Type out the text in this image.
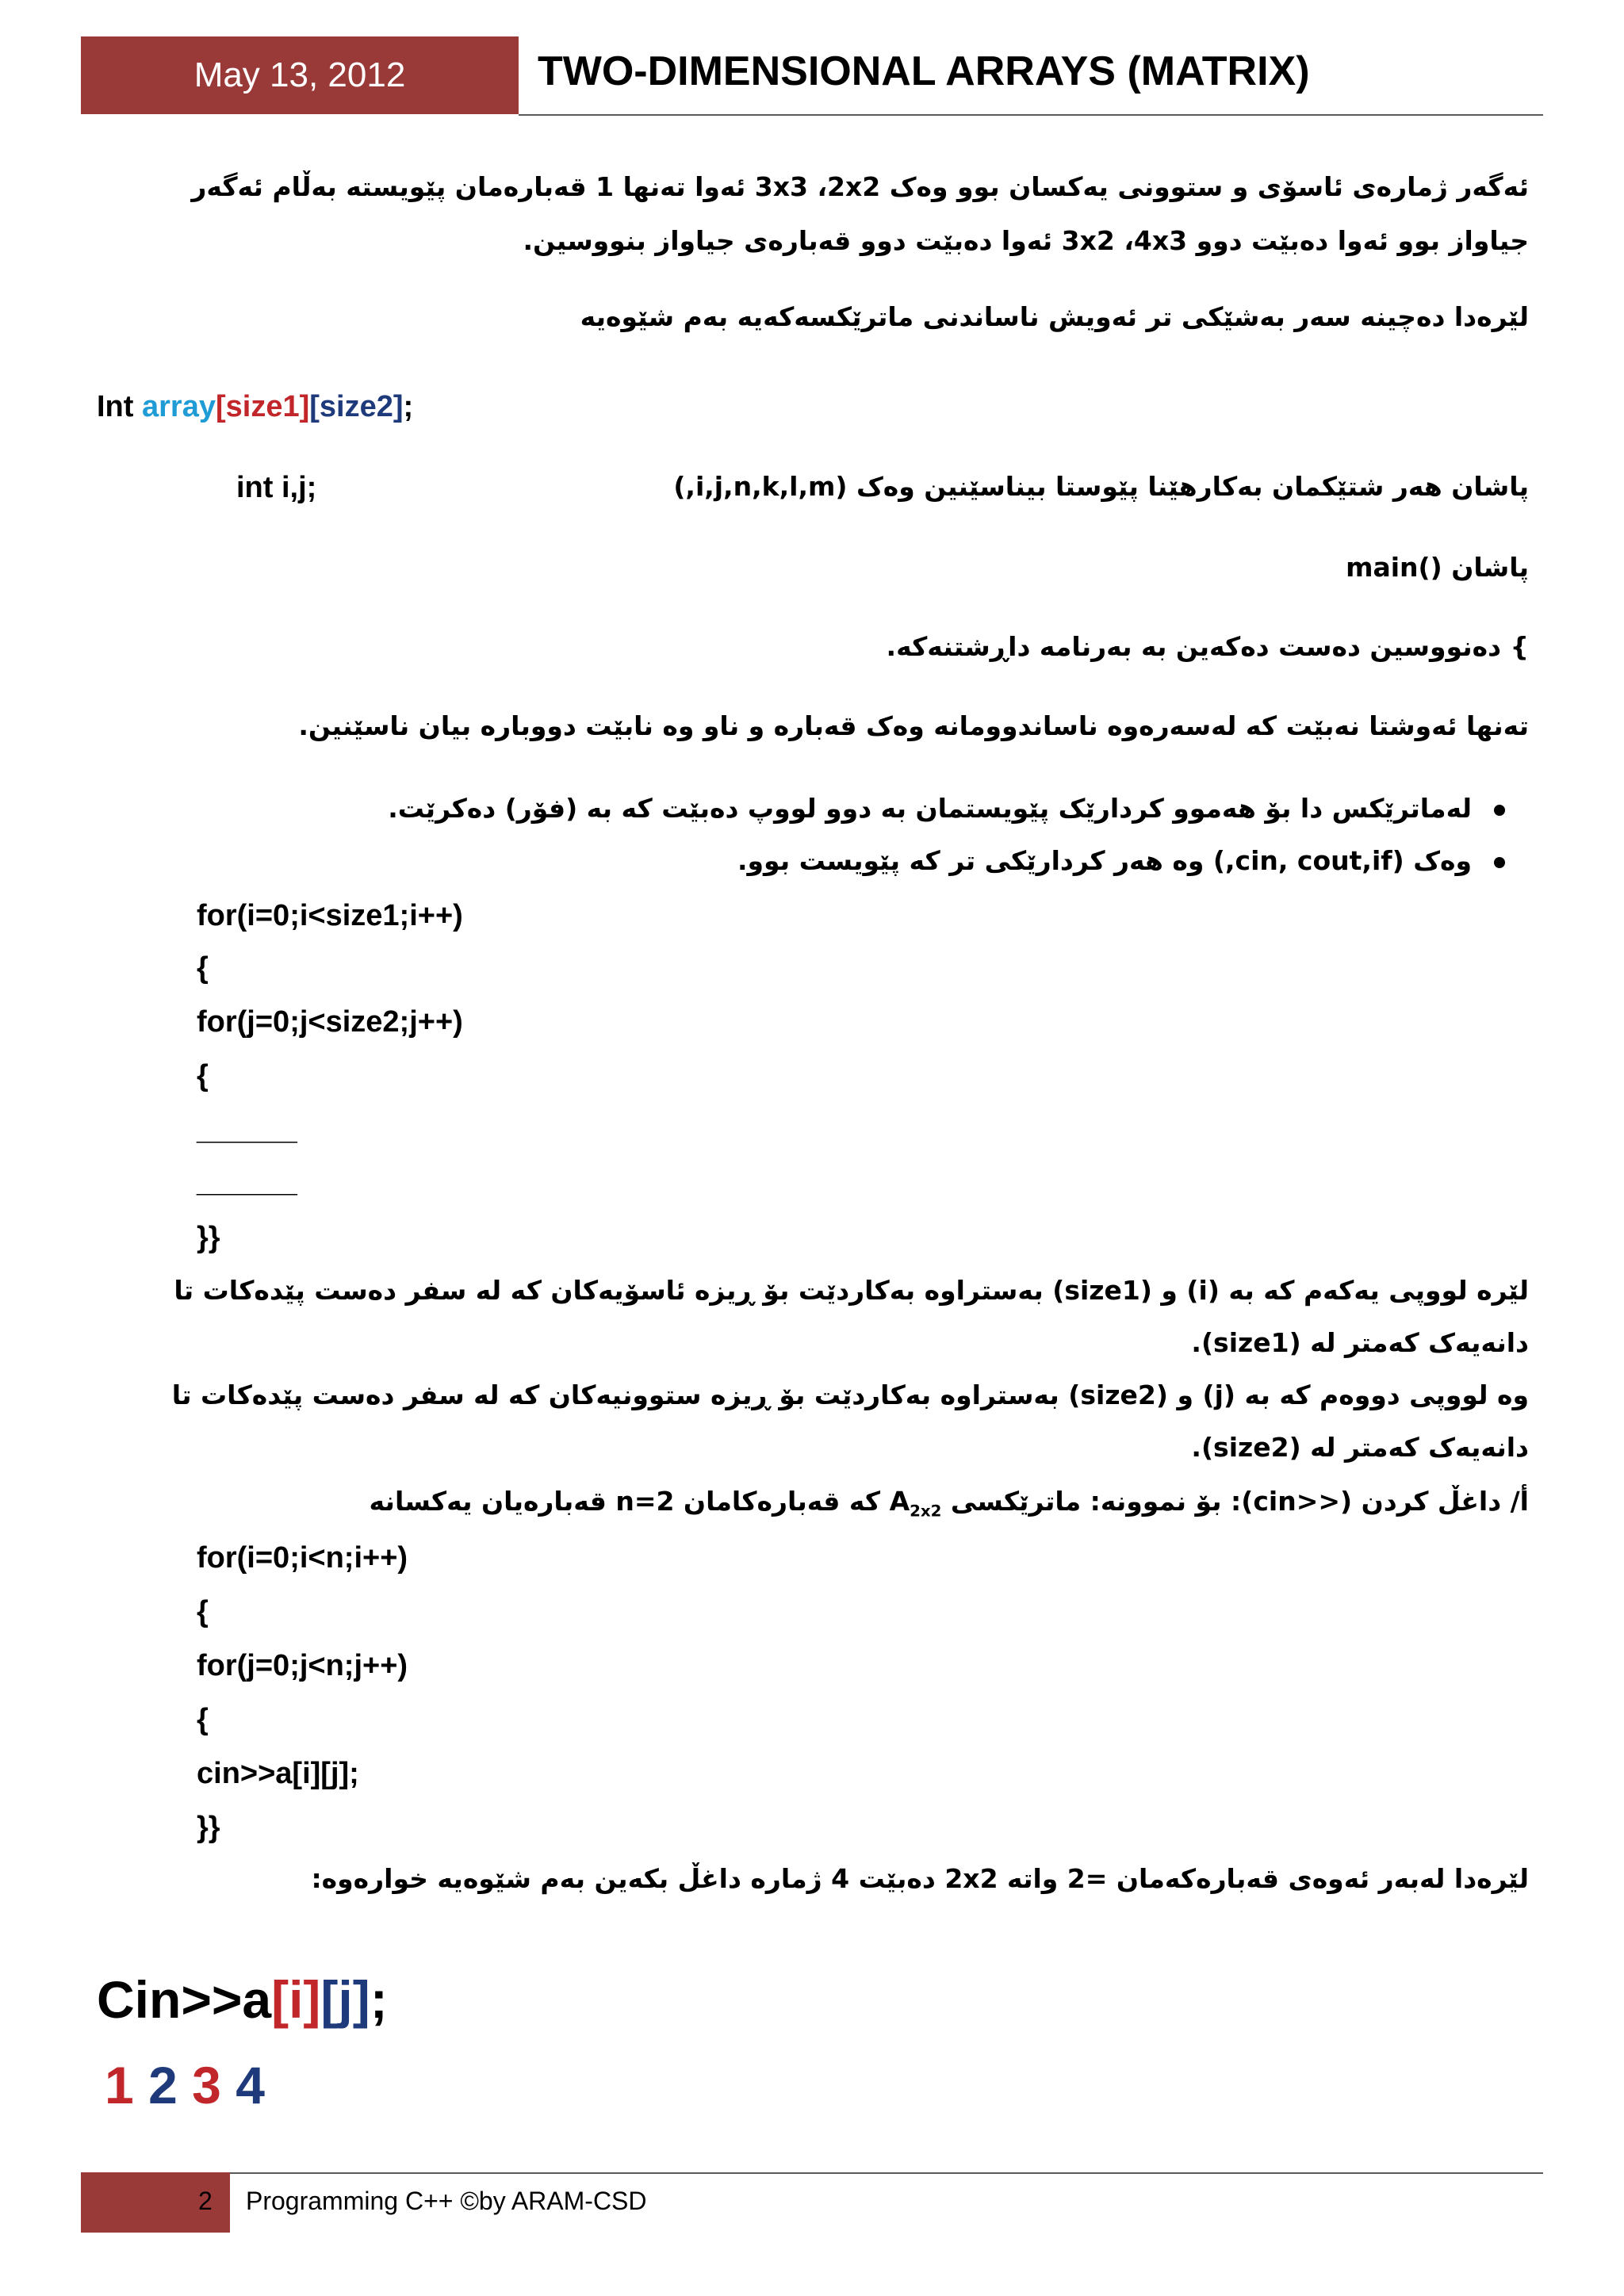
May 13, 2012	TWO-DIMENSIONAL ARRAYS (MATRIX)
ئەگەر ژمارەی ئاسۆی و ستوونی یەکسان بوو وەک 3x3 ،2x2 ئەوا تەنها 1 قەبارەمان پێویستە بەڵام ئەگەر
جیاواز بوو ئەوا دەبێت دوو 3x2 ،4x3 ئەوا دەبێت دوو قەبارەی جیاواز بنووسین.
لێرەدا دەچینە سەر بەشێکی تر ئەویش ناساندنی ماترێکسەکەیە بەم شێوەیە
Int array[size1][size2];
پاشان هەر شتێکمان بەکارهێنا پێوستا بیناسێنین وەک (i,j,n,k,l,m,)
int i,j;
پاشان ()main
} دەنووسین دەست دەکەین بە بەرنامە داڕشتنەکە.
تەنها ئەوشتا نەبێت کە لەسەرەوە ناساندوومانە وەک قەبارە و ناو وە نابێت دووبارە بیان ناسێنین.
لەماترێکس دا بۆ هەموو کردارێک پێویستمان بە دوو لووپ دەبێت کە بە (فۆر) دەکرێت.
وەک (cin, cout,if,) وە هەر کردارێکی تر کە پێویست بوو.
for(i=0;i<size1;i++)
{
for(j=0;j<size2;j++)
{
______
______
}}
لێرە لووپی یەکەم کە بە (i) و (size1) بەستراوە بەکاردێت بۆ ڕیزە ئاسۆیەکان کە لە سفر دەست پێدەکات تا
دانەیەک کەمتر لە (size1).
وە لووپی دووەم کە بە (j) و (size2) بەستراوە بەکاردێت بۆ ڕیزە ستوونیەکان کە لە سفر دەست پێدەکات تا
دانەیەک کەمتر لە (size2).
أ/ داغڵ کردن (<<cin): بۆ نموونە: ماترێکسی $A_{2x2}$ کە قەبارەکامان n=2 قەبارەیان یەکسانە
for(i=0;i<n;i++)
{
for(j=0;j<n;j++)
{
cin>>a[i][j];
}}
لێرەدا لەبەر ئەوەی قەبارەکەمان =2 واتە 2x2 دەبێت 4 ژمارە داغڵ بکەین بەم شێوەیە خوارەوە:
Cin>>a[i][j];
1 2 3 4
2 Programming C++ ©by ARAM-CSD
